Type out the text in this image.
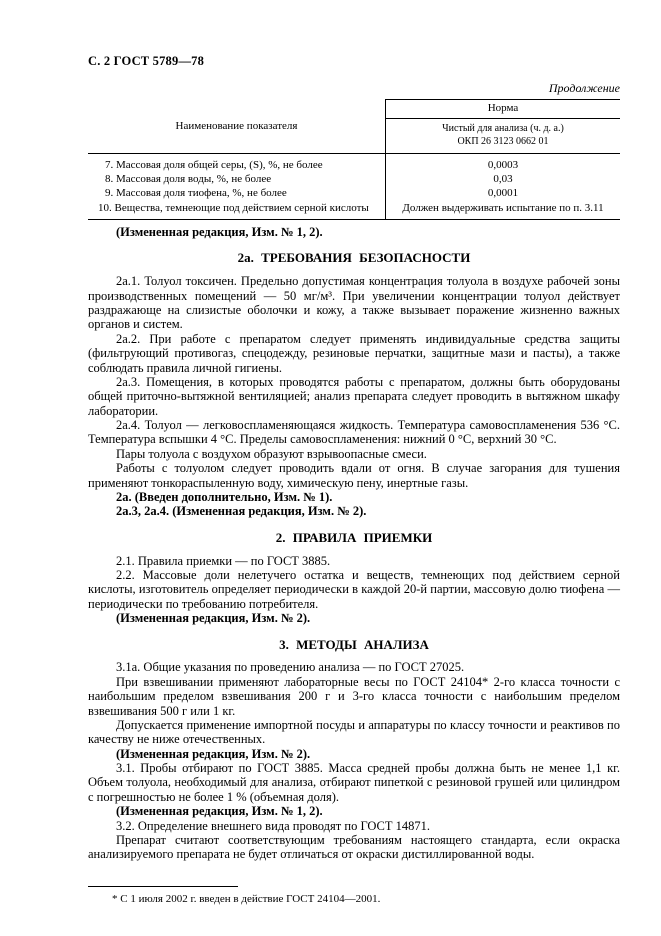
С. 2 ГОСТ 5789—78
Продолжение
Наименование показателя
Норма
Чистый для анализа (ч. д. а.)
ОКП 26 3123 0662 01
7. Массовая доля общей серы, (S), %, не более	0,0003
8. Массовая доля воды, %, не более	0,03
9. Массовая доля тиофена, %, не более	0,0001
10. Вещества, темнеющие под действием серной кислоты	Должен выдерживать испытание по п. 3.11

(Измененная редакция, Изм. № 1, 2).

2а. ТРЕБОВАНИЯ БЕЗОПАСНОСТИ

2а.1. Толуол токсичен. Предельно допустимая концентрация толуола в воздухе рабочей зоны производственных помещений — 50 мг/м³. При увеличении концентрации толуол действует раздражающе на слизистые оболочки и кожу, а также вызывает поражение жизненно важных органов и систем.

2а.2. При работе с препаратом следует применять индивидуальные средства защиты (фильтрующий противогаз, спецодежду, резиновые перчатки, защитные мази и пасты), а также соблюдать правила личной гигиены.

2а.3. Помещения, в которых проводятся работы с препаратом, должны быть оборудованы общей приточно-вытяжной вентиляцией; анализ препарата следует проводить в вытяжном шкафу лаборатории.

2а.4. Толуол — легковоспламеняющаяся жидкость. Температура самовоспламенения 536 °С. Температура вспышки 4 °С. Пределы самовоспламенения: нижний 0 °С, верхний 30 °С.

Пары толуола с воздухом образуют взрывоопасные смеси.

Работы с толуолом следует проводить вдали от огня. В случае загорания для тушения применяют тонкораспыленную воду, химическую пену, инертные газы.

2а. (Введен дополнительно, Изм. № 1).

2а.3, 2а.4. (Измененная редакция, Изм. № 2).

2. ПРАВИЛА ПРИЕМКИ

2.1. Правила приемки — по ГОСТ 3885.

2.2. Массовые доли нелетучего остатка и веществ, темнеющих под действием серной кислоты, изготовитель определяет периодически в каждой 20-й партии, массовую долю тиофена — периодически по требованию потребителя.

(Измененная редакция, Изм. № 2).

3. МЕТОДЫ АНАЛИЗА

3.1а. Общие указания по проведению анализа — по ГОСТ 27025.

При взвешивании применяют лабораторные весы по ГОСТ 24104* 2-го класса точности с наибольшим пределом взвешивания 200 г и 3-го класса точности с наибольшим пределом взвешивания 500 г или 1 кг.

Допускается применение импортной посуды и аппаратуры по классу точности и реактивов по качеству не ниже отечественных.

(Измененная редакция, Изм. № 2).

3.1. Пробы отбирают по ГОСТ 3885. Масса средней пробы должна быть не менее 1,1 кг. Объем толуола, необходимый для анализа, отбирают пипеткой с резиновой грушей или цилиндром с погрешностью не более 1 % (объемная доля).

(Измененная редакция, Изм. № 1, 2).

3.2. Определение внешнего вида проводят по ГОСТ 14871.

Препарат считают соответствующим требованиям настоящего стандарта, если окраска анализируемого препарата не будет отличаться от окраски дистиллированной воды.

* С 1 июля 2002 г. введен в действие ГОСТ 24104—2001.
